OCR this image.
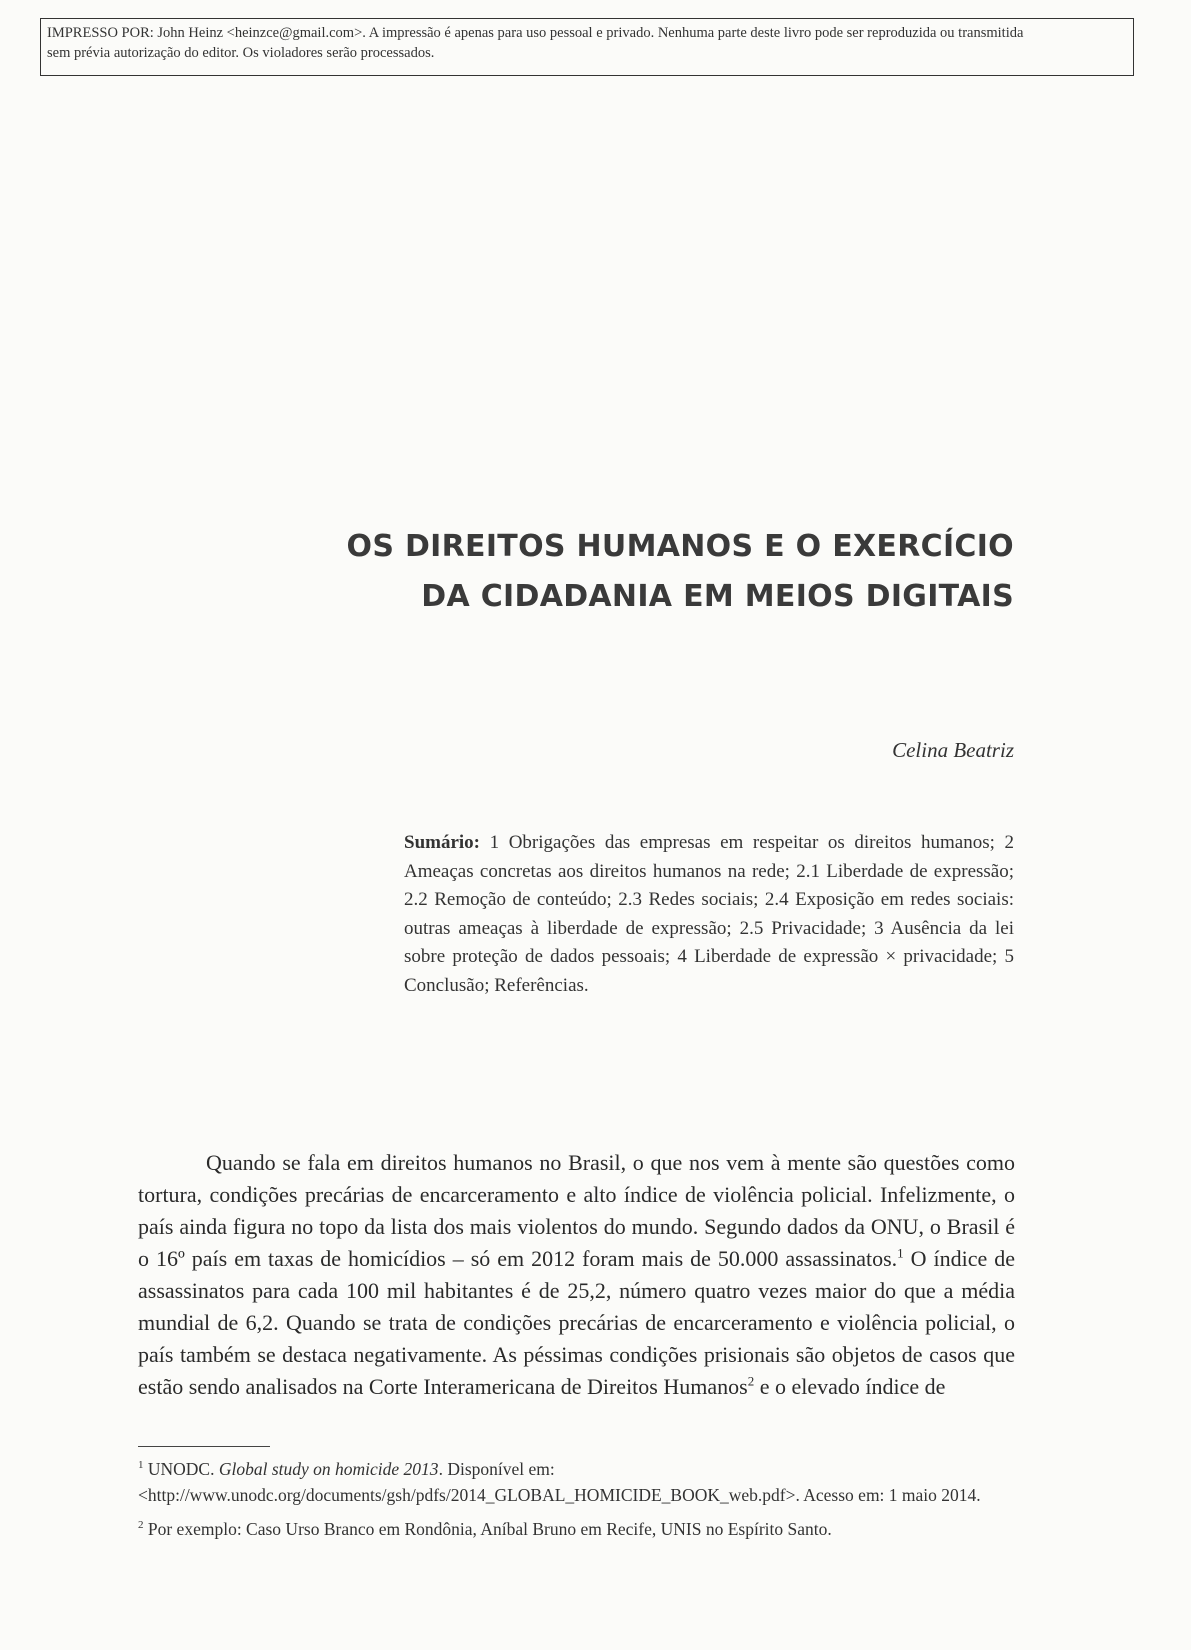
IMPRESSO POR: John Heinz <heinzce@gmail.com>. A impressão é apenas para uso pessoal e privado. Nenhuma parte deste livro pode ser reproduzida ou transmitida
sem prévia autorização do editor. Os violadores serão processados.
OS DIREITOS HUMANOS E O EXERCÍCIO
DA CIDADANIA EM MEIOS DIGITAIS
Celina Beatriz
Sumário: 1 Obrigações das empresas em respeitar os direitos humanos; 2 Ameaças concretas aos direitos humanos na rede; 2.1 Liberdade de expressão; 2.2 Remoção de conteúdo; 2.3 Redes sociais; 2.4 Exposição em redes sociais: outras ameaças à liberdade de expressão; 2.5 Privacidade; 3 Ausência da lei sobre proteção de dados pessoais; 4 Liberdade de expressão × privacidade; 5 Conclusão; Referências.
Quando se fala em direitos humanos no Brasil, o que nos vem à mente são questões como tortura, condições precárias de encarceramento e alto índice de violência policial. Infelizmente, o país ainda figura no topo da lista dos mais violentos do mundo. Segundo dados da ONU, o Brasil é o 16º país em taxas de homicídios – só em 2012 foram mais de 50.000 assassinatos.$^1$ O índice de assassinatos para cada 100 mil habitantes é de 25,2, número quatro vezes maior do que a média mundial de 6,2. Quando se trata de condições precárias de encarceramento e violência policial, o país também se destaca negativamente. As péssimas condições prisionais são objetos de casos que estão sendo analisados na Corte Interamericana de Direitos Humanos$^2$ e o elevado índice de

$^1$ UNODC. Global study on homicide 2013. Disponível em: <http://www.unodc.org/documents/gsh/pdfs/2014_GLOBAL_HOMICIDE_BOOK_web.pdf>. Acesso em: 1 maio 2014.

$^2$ Por exemplo: Caso Urso Branco em Rondônia, Aníbal Bruno em Recife, UNIS no Espírito Santo.
